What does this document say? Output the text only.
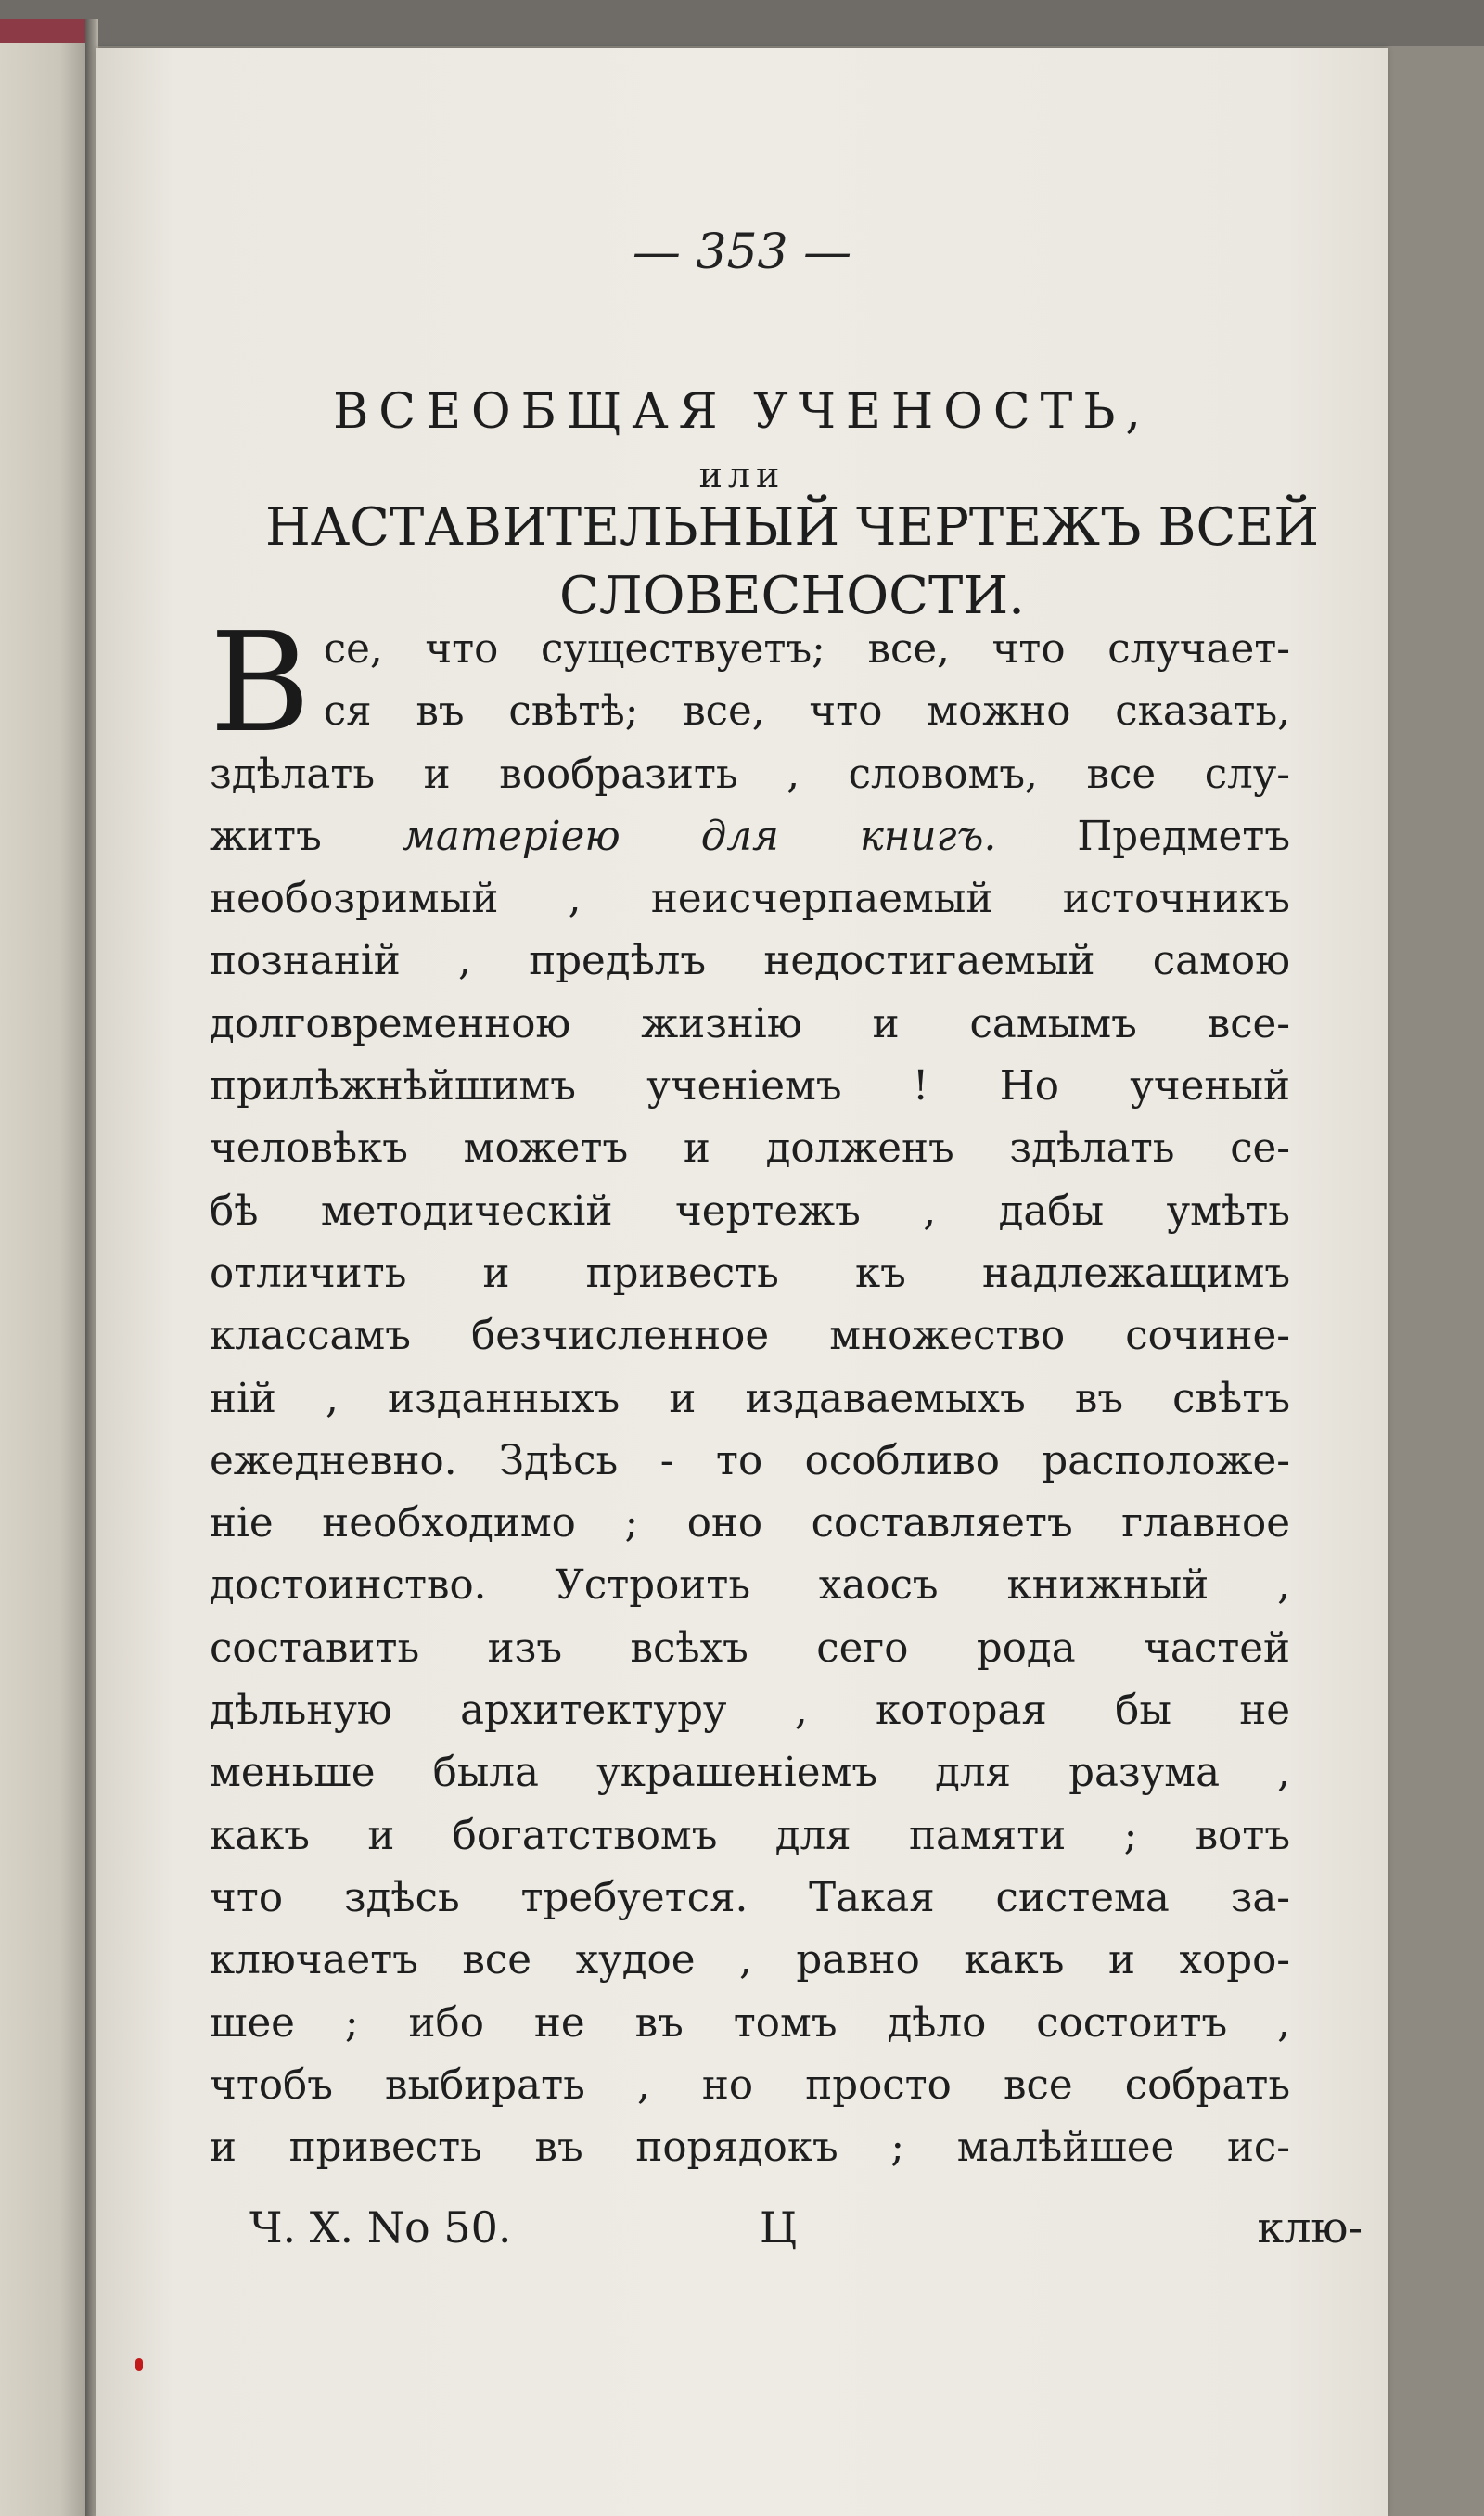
— 353 —
ВСЕОБЩАЯ УЧЕНОСТЬ,
или
НАСТАВИТЕЛЬНЫЙ ЧЕРТЕЖЪ ВСЕЙ
СЛОВЕСНОСТИ.
В се, что существуетъ; все, что случает-
ся въ свѣтѣ; все, что можно сказать,
здѣлать и вообразить , словомъ, все слу-
житъ матерiею для книгъ. Предметъ
необозримый , неисчерпаемый источникъ
познанiй , предѣлъ недостигаемый самою
долговременною жизнiю и самымъ все-
прилѣжнѣйшимъ ученiемъ ! Но ученый
человѣкъ можетъ и долженъ здѣлать се-
бѣ методическiй чертежъ , дабы умѣть
отличить и привесть къ надлежащимъ
классамъ безчисленное множество сочине-
нiй , изданныхъ и издаваемыхъ въ свѣтъ
ежедневно. Здѣсь - то особливо расположе-
нiе необходимо ; оно составляетъ главное
достоинство. Устроить хаосъ книжный ,
составить изъ всѣхъ сего рода частей
дѣльную архитектуру , которая бы не
меньше была украшенiемъ для разума ,
какъ и богатствомъ для памяти ; вотъ
что здѣсь требуется. Такая система за-
ключаетъ все худое , равно какъ и хоро-
шее ; ибо не въ томъ дѣло состоитъ ,
чтобъ выбирать , но просто все собрать
и привесть въ порядокъ ; малѣйшее ис-
Ч. X. No 50.	Ц	клю-
